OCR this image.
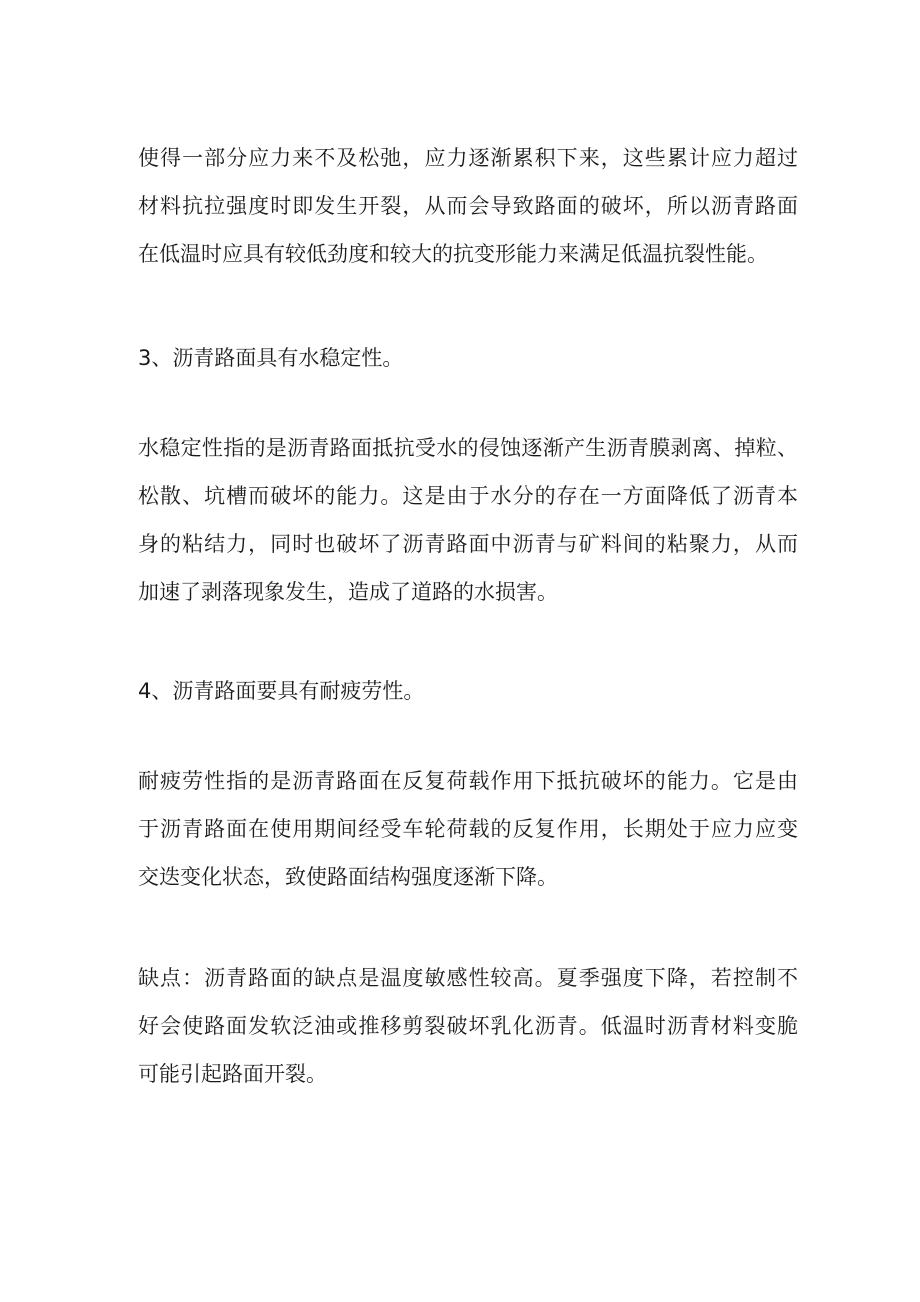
使得一部分应力来不及松弛，应力逐渐累积下来，这些累计应力超过
材料抗拉强度时即发生开裂，从而会导致路面的破坏，所以沥青路面
在低温时应具有较低劲度和较大的抗变形能力来满足低温抗裂性能。
3、沥青路面具有水稳定性。
水稳定性指的是沥青路面抵抗受水的侵蚀逐渐产生沥青膜剥离、掉粒、
松散、坑槽而破坏的能力。这是由于水分的存在一方面降低了沥青本
身的粘结力，同时也破坏了沥青路面中沥青与矿料间的粘聚力，从而
加速了剥落现象发生，造成了道路的水损害。
4、沥青路面要具有耐疲劳性。
耐疲劳性指的是沥青路面在反复荷载作用下抵抗破坏的能力。它是由
于沥青路面在使用期间经受车轮荷载的反复作用，长期处于应力应变
交迭变化状态，致使路面结构强度逐渐下降。
缺点：沥青路面的缺点是温度敏感性较高。夏季强度下降，若控制不
好会使路面发软泛油或推移剪裂破坏乳化沥青。低温时沥青材料变脆
可能引起路面开裂。
